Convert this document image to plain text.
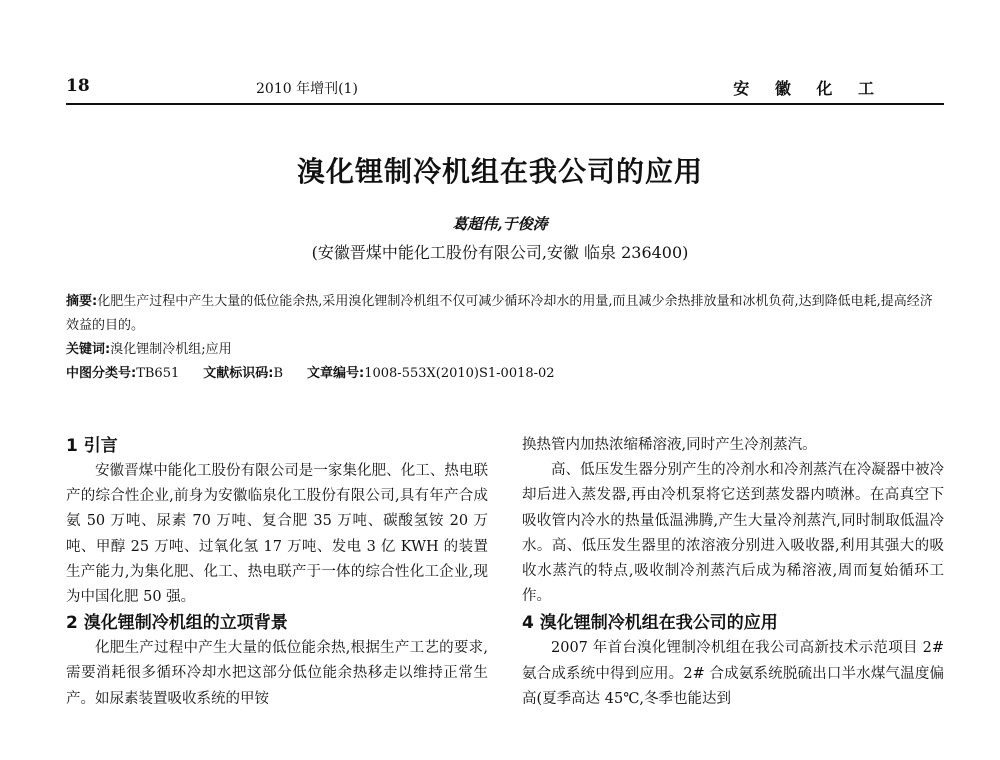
18	2010 年增刊(1)	安 徽 化 工
溴化锂制冷机组在我公司的应用
葛超伟,于俊涛
(安徽晋煤中能化工股份有限公司,安徽 临泉 236400)
摘要:化肥生产过程中产生大量的低位能余热,采用溴化锂制冷机组不仅可减少循环冷却水的用量,而且减少余热排放量和冰机负荷,达到降低电耗,提高经济效益的目的。
关键词:溴化锂制冷机组;应用
中图分类号:TB651 文献标识码:B 文章编号:1008-553X(2010)S1-0018-02
1 引言

安徽晋煤中能化工股份有限公司是一家集化肥、化工、热电联产的综合性企业,前身为安徽临泉化工股份有限公司,具有年产合成氨 50 万吨、尿素 70 万吨、复合肥 35 万吨、碳酸氢铵 20 万吨、甲醇 25 万吨、过氧化氢 17 万吨、发电 3 亿 KWH 的装置生产能力,为集化肥、化工、热电联产于一体的综合性化工企业,现为中国化肥 50 强。

2 溴化锂制冷机组的立项背景

化肥生产过程中产生大量的低位能余热,根据生产工艺的要求,需要消耗很多循环冷却水把这部分低位能余热移走以维持正常生产。如尿素装置吸收系统的甲铵

换热管内加热浓缩稀溶液,同时产生冷剂蒸汽。

高、低压发生器分别产生的冷剂水和冷剂蒸汽在冷凝器中被冷却后进入蒸发器,再由冷机泵将它送到蒸发器内喷淋。在高真空下吸收管内冷水的热量低温沸腾,产生大量冷剂蒸汽,同时制取低温冷水。高、低压发生器里的浓溶液分别进入吸收器,利用其强大的吸收水蒸汽的特点,吸收制冷剂蒸汽后成为稀溶液,周而复始循环工作。

4 溴化锂制冷机组在我公司的应用

2007 年首台溴化锂制冷机组在我公司高新技术示范项目 2# 氨合成系统中得到应用。2# 合成氨系统脱硫出口半水煤气温度偏高(夏季高达 45℃,冬季也能达到
